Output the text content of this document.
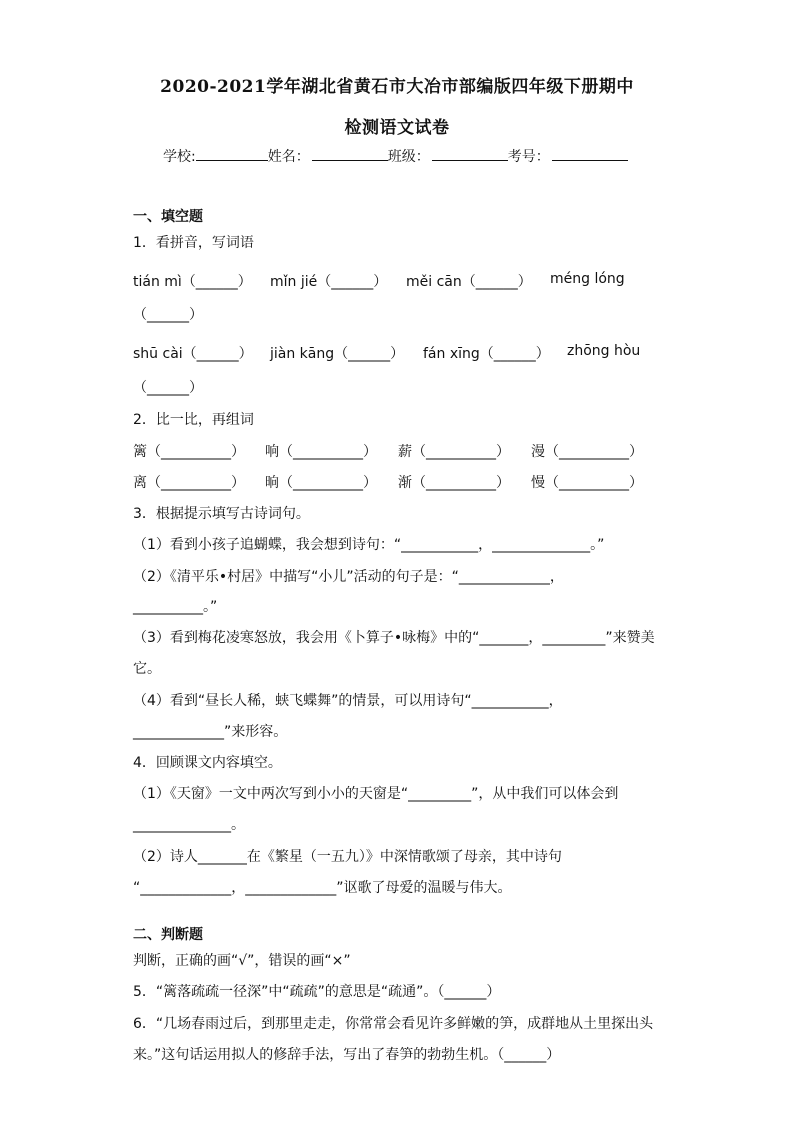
2020-2021学年湖北省黄石市大冶市部编版四年级下册期中
检测语文试卷
学校:	姓名：	班级：	考号：
一、填空题
1．看拼音，写词语
tián mì（______） mǐn jié（______） měi cān（______） méng lóng
（______）
shū cài（______） jiàn kāng（______） fán xīng（______） zhōng hòu
（______）
2．比一比，再组词
篱（__________） 响（__________） 薪（__________） 漫（__________）
离（__________） 晌（__________） 渐（__________） 慢（__________）
3．根据提示填写古诗词句。
（1）看到小孩子追蝴蝶，我会想到诗句：“___________，______________。”
（2）《清平乐•村居》中描写“小儿”活动的句子是：“_____________，
__________。”
（3）看到梅花凌寒怒放，我会用《卜算子•咏梅》中的“_______，_________”来赞美
它。
（4）看到“昼长人稀，蛱飞蝶舞”的情景，可以用诗句“___________，
_____________”来形容。
4．回顾课文内容填空。
（1）《天窗》一文中两次写到小小的天窗是“_________”，从中我们可以体会到
______________。
（2）诗人_______在《繁星（一五九）》中深情歌颂了母亲，其中诗句
“_____________，_____________”讴歌了母爱的温暖与伟大。
二、判断题
判断，正确的画“√”，错误的画“×”
5．“篱落疏疏一径深”中“疏疏”的意思是“疏通”。（______）
6．“几场春雨过后，到那里走走，你常常会看见许多鲜嫩的笋，成群地从土里探出头
来。”这句话运用拟人的修辞手法，写出了春笋的勃勃生机。（______）
